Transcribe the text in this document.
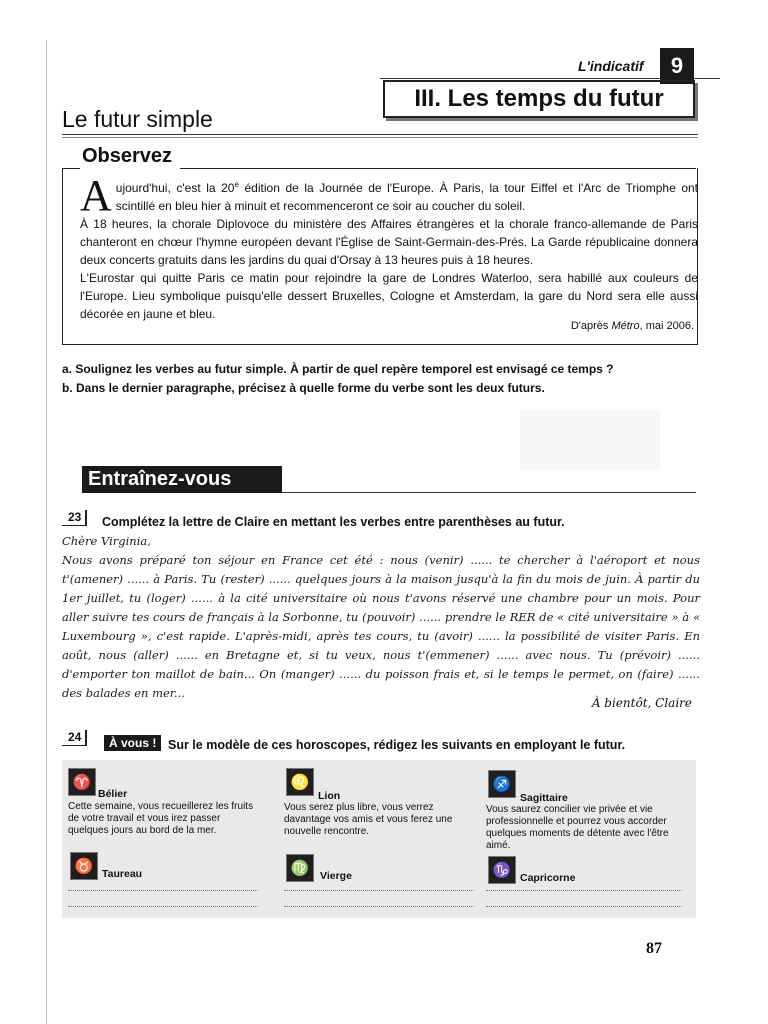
L'indicatif	9
III. Les temps du futur
Le futur simple
Observez

Aujourd'hui, c'est la 20e édition de la Journée de l'Europe. À Paris, la tour Eiffel et l'Arc de Triomphe ont scintillé en bleu hier à minuit et recommenceront ce soir au coucher du soleil.

À 18 heures, la chorale Diplovoce du ministère des Affaires étrangères et la chorale franco-allemande de Paris chanteront en chœur l'hymne européen devant l'Église de Saint-Germain-des-Prés. La Garde républicaine donnera deux concerts gratuits dans les jardins du quai d'Orsay à 13 heures puis à 18 heures.

L'Eurostar qui quitte Paris ce matin pour rejoindre la gare de Londres Waterloo, sera habillé aux couleurs de l'Europe. Lieu symbolique puisqu'elle dessert Bruxelles, Cologne et Amsterdam, la gare du Nord sera elle aussi décorée en jaune et bleu.

D'après Métro, mai 2006.
a. Soulignez les verbes au futur simple. À partir de quel repère temporel est envisagé ce temps ?
b. Dans le dernier paragraphe, précisez à quelle forme du verbe sont les deux futurs.
Entraînez-vous
23	Complétez la lettre de Claire en mettant les verbes entre parenthèses au futur.

Chère Virginia,

Nous avons préparé ton séjour en France cet été : nous (venir) ...... te chercher à l'aéroport et nous t'(amener) ...... à Paris. Tu (rester) ...... quelques jours à la maison jusqu'à la fin du mois de juin. À partir du 1er juillet, tu (loger) ...... à la cité universitaire où nous t'avons réservé une chambre pour un mois. Pour aller suivre tes cours de français à la Sorbonne, tu (pouvoir) ...... prendre le RER de « cité universitaire » à « Luxembourg », c'est rapide. L'après-midi, après tes cours, tu (avoir) ...... la possibilité de visiter Paris. En août, nous (aller) ...... en Bretagne et, si tu veux, nous t'(emmener) ...... avec nous. Tu (prévoir) ...... d'emporter ton maillot de bain... On (manger) ...... du poisson frais et, si le temps le permet, on (faire) ...... des balades en mer...

À bientôt, Claire
24	À vous ! Sur le modèle de ces horoscopes, rédigez les suivants en employant le futur.
♈
Bélier
Cette semaine, vous recueillerez les fruits de votre travail et vous irez passer quelques jours au bord de la mer.
♌
Lion
Vous serez plus libre, vous verrez davantage vos amis et vous ferez une nouvelle rencontre.
♐
Sagittaire
Vous saurez concilier vie privée et vie professionnelle et pourrez vous accorder quelques moments de détente avec l'être aimé.
♉ Taureau	♍	Vierge	♑ Capricorne
87
